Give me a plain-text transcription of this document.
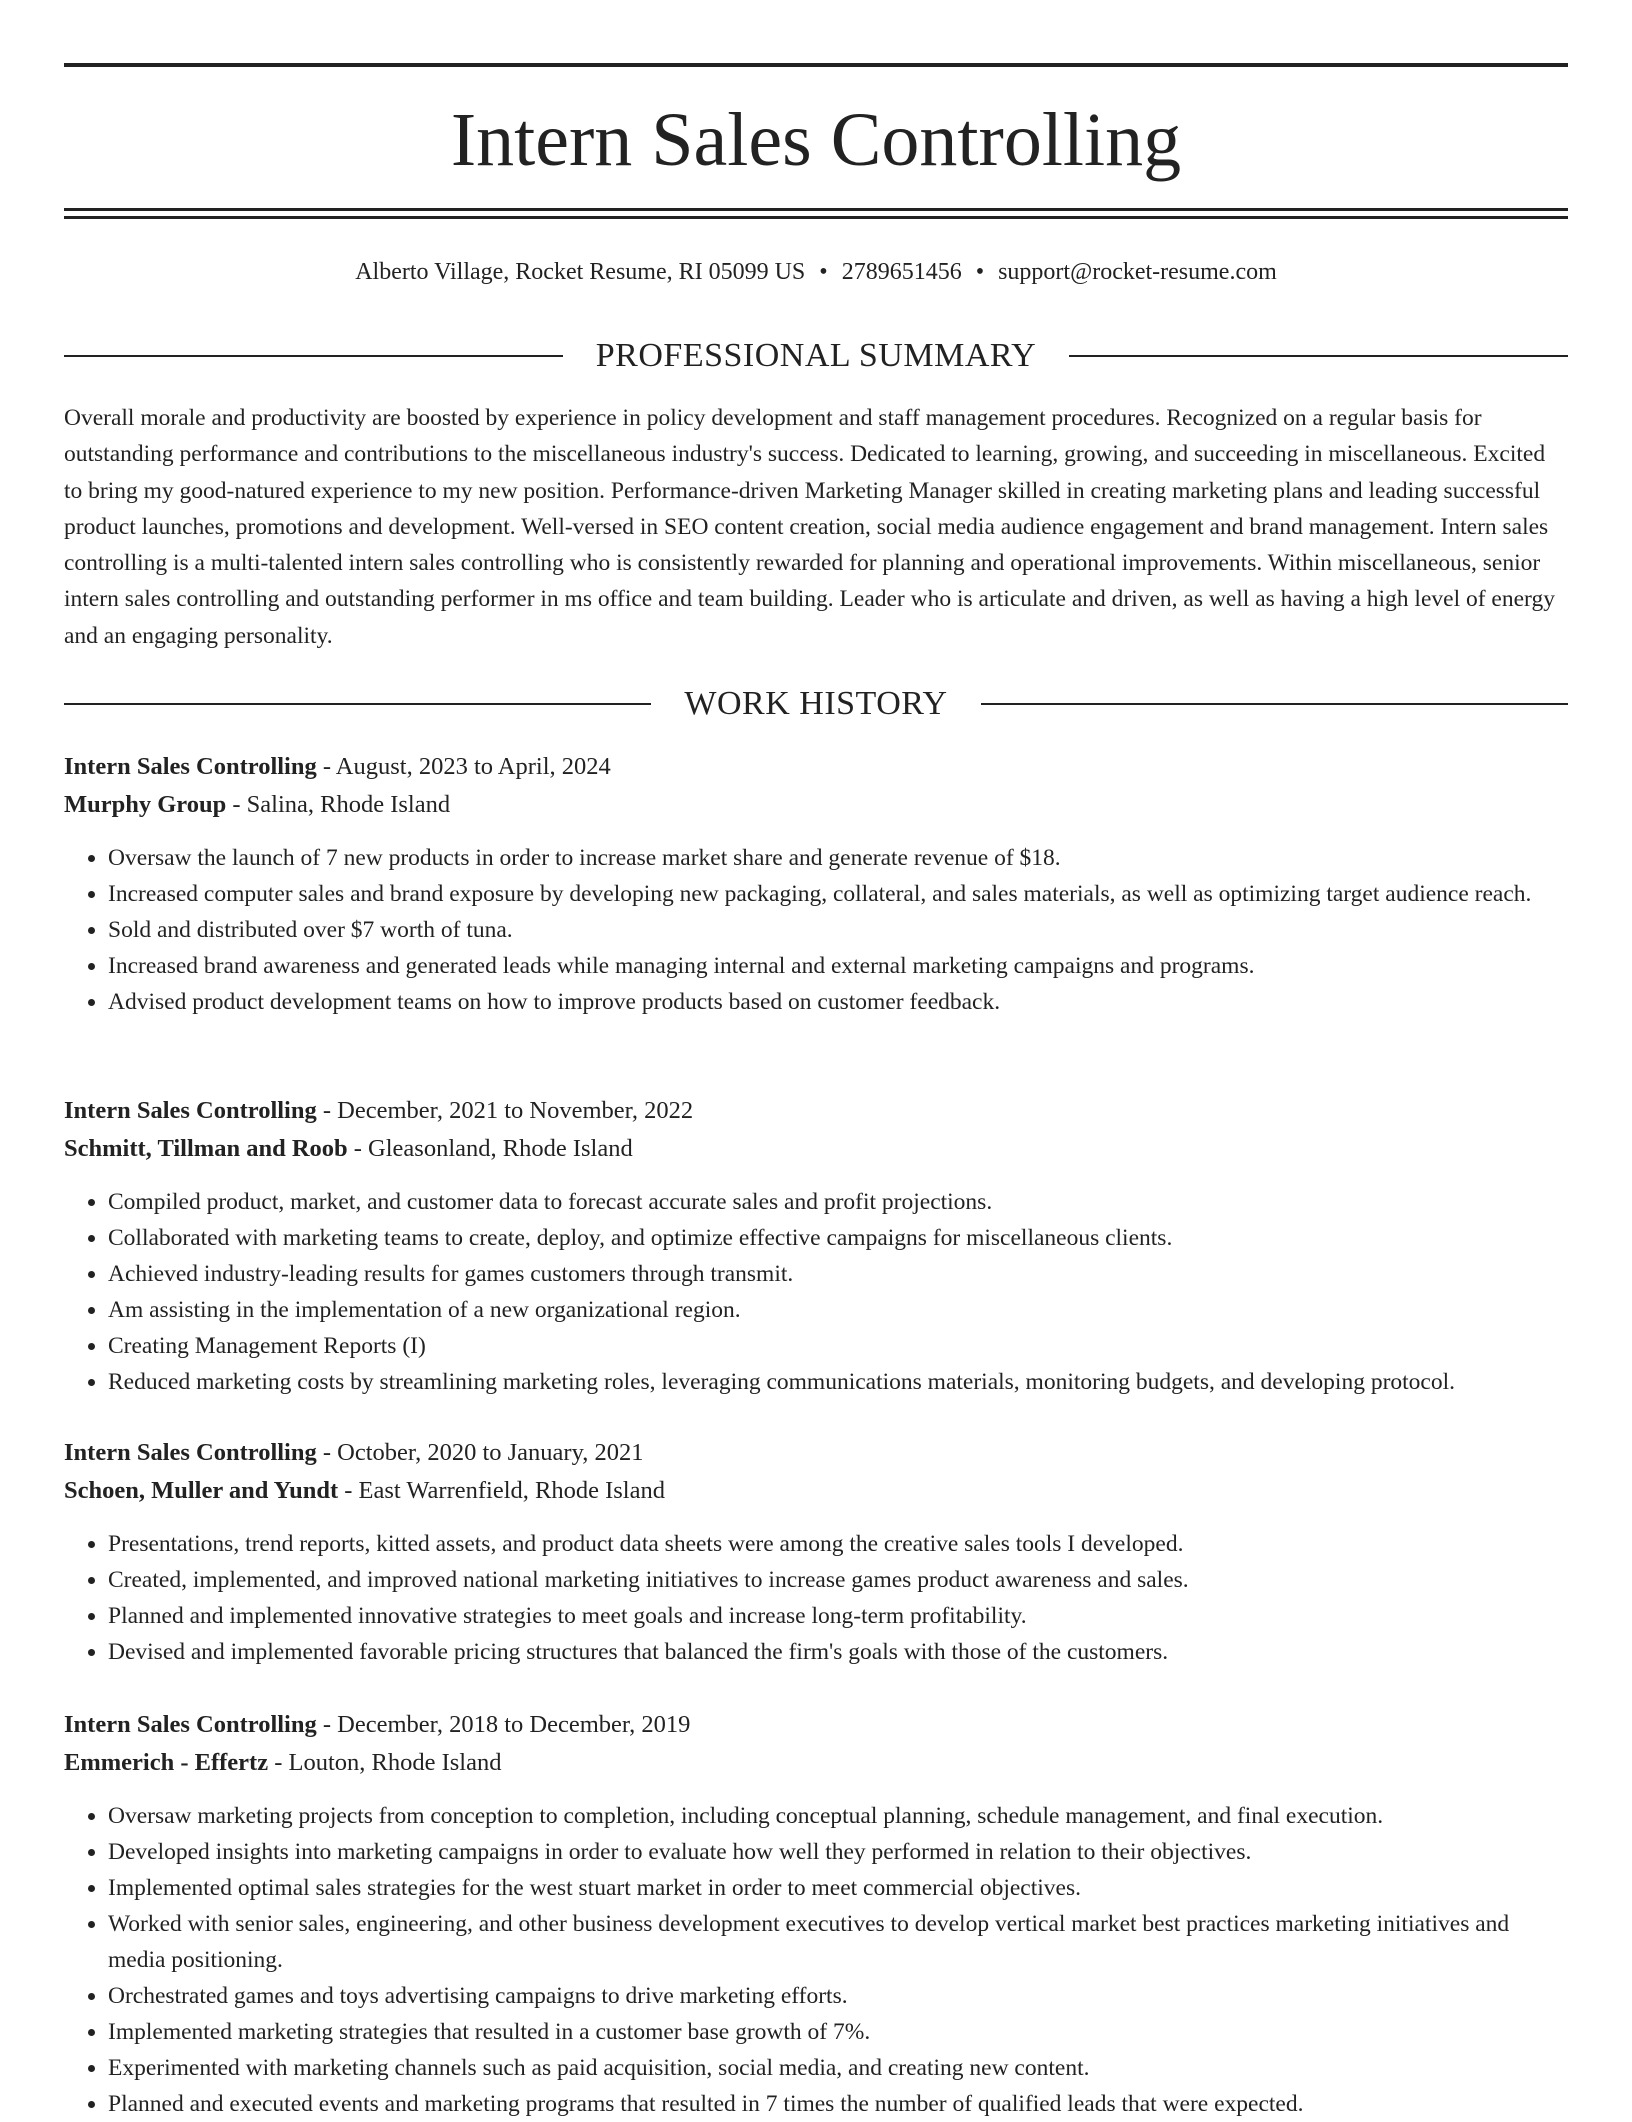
Intern Sales Controlling
Alberto Village, Rocket Resume, RI 05099 US • 2789651456 • support@rocket-resume.com
PROFESSIONAL SUMMARY

Overall morale and productivity are boosted by experience in policy development and staff management procedures. Recognized on a regular basis for outstanding performance and contributions to the miscellaneous industry's success. Dedicated to learning, growing, and succeeding in miscellaneous. Excited to bring my good-natured experience to my new position. Performance-driven Marketing Manager skilled in creating marketing plans and leading successful product launches, promotions and development. Well-versed in SEO content creation, social media audience engagement and brand management. Intern sales controlling is a multi-talented intern sales controlling who is consistently rewarded for planning and operational improvements. Within miscellaneous, senior intern sales controlling and outstanding performer in ms office and team building. Leader who is articulate and driven, as well as having a high level of energy and an engaging personality.

WORK HISTORY
Intern Sales Controlling - August, 2023 to April, 2024
Murphy Group - Salina, Rhode Island
• Oversaw the launch of 7 new products in order to increase market share and generate revenue of $18.
• Increased computer sales and brand exposure by developing new packaging, collateral, and sales materials, as well as optimizing target audience reach.
• Sold and distributed over $7 worth of tuna.
• Increased brand awareness and generated leads while managing internal and external marketing campaigns and programs.
• Advised product development teams on how to improve products based on customer feedback.
Intern Sales Controlling - December, 2021 to November, 2022
Schmitt, Tillman and Roob - Gleasonland, Rhode Island
• Compiled product, market, and customer data to forecast accurate sales and profit projections.
• Collaborated with marketing teams to create, deploy, and optimize effective campaigns for miscellaneous clients.
• Achieved industry-leading results for games customers through transmit.
• Am assisting in the implementation of a new organizational region.
• Creating Management Reports (I)
• Reduced marketing costs by streamlining marketing roles, leveraging communications materials, monitoring budgets, and developing protocol.
Intern Sales Controlling - October, 2020 to January, 2021
Schoen, Muller and Yundt - East Warrenfield, Rhode Island
• Presentations, trend reports, kitted assets, and product data sheets were among the creative sales tools I developed.
• Created, implemented, and improved national marketing initiatives to increase games product awareness and sales.
• Planned and implemented innovative strategies to meet goals and increase long-term profitability.
• Devised and implemented favorable pricing structures that balanced the firm's goals with those of the customers.
Intern Sales Controlling - December, 2018 to December, 2019
Emmerich - Effertz - Louton, Rhode Island
• Oversaw marketing projects from conception to completion, including conceptual planning, schedule management, and final execution.
• Developed insights into marketing campaigns in order to evaluate how well they performed in relation to their objectives.
• Implemented optimal sales strategies for the west stuart market in order to meet commercial objectives.
• Worked with senior sales, engineering, and other business development executives to develop vertical market best practices marketing initiatives and media positioning.
• Orchestrated games and toys advertising campaigns to drive marketing efforts.
• Implemented marketing strategies that resulted in a customer base growth of 7%.
• Experimented with marketing channels such as paid acquisition, social media, and creating new content.
• Planned and executed events and marketing programs that resulted in 7 times the number of qualified leads that were expected.
